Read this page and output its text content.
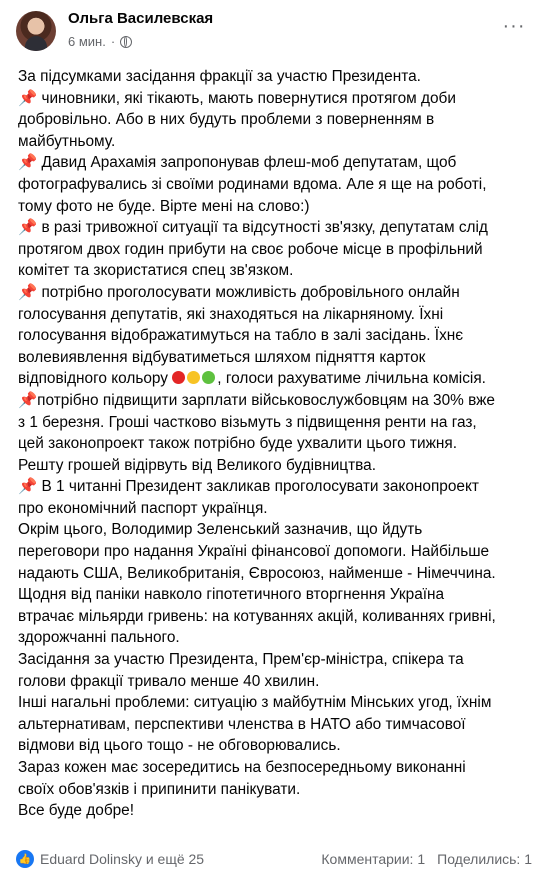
Ольга Василевская
6 мин. ·
···

За підсумками засідання фракції за участю Президента.

📌 чиновники, які тікають, мають повернутися протягом доби

добровільно. Або в них будуть проблеми з поверненням в

майбутньому.

📌 Давид Арахамія запропонував флеш-моб депутатам, щоб

фотографувались зі своїми родинами вдома. Але я ще на роботі,

тому фото не буде. Вірте мені на слово:)

📌 в разі тривожної ситуації та відсутності зв'язку, депутатам слід

протягом двох годин прибути на своє робоче місце в профільний

комітет та зкористатися спец зв'язком.

📌 потрібно проголосувати можливість добровільного онлайн

голосування депутатів, які знаходяться на лікарняному. Їхні

голосування відображатимуться на табло в залі засідань. Їхнє

волевиявлення відбуватиметься шляхом підняття карток

відповідного кольору	, голоси рахуватиме лічильна комісія.

📌потрібно підвищити зарплати військовослужбовцям на 30% вже

з 1 березня. Гроші частково візьмуть з підвищення ренти на газ,

цей законопроект також потрібно буде ухвалити цього тижня.

Решту грошей відірвуть від Великого будівництва.

📌 В 1 читанні Президент закликав проголосувати законопроект

про економічний паспорт українця.

Окрім цього, Володимир Зеленський зазначив, що йдуть

переговори про надання Україні фінансової допомоги. Найбільше

надають США, Великобританія, Євросоюз, найменше - Німеччина.

Щодня від паніки навколо гіпотетичного вторгнення Україна

втрачає мільярди гривень: на котуваннях акцій, коливаннях гривні,

здорожчанні пального.

Засідання за участю Президента, Прем'єр-міністра, спікера та

голови фракції тривало менше 40 хвилин.

Інші нагальні проблеми: ситуацію з майбутнім Мінських угод, їхнім

альтернативам, перспективи членства в НАТО або тимчасової

відмови від цього тощо - не обговорювались.

Зараз кожен має зосередитись на безпосередньому виконанні

своїх обов'язків і припинити панікувати.

Все буде добре!

👍 Eduard Dolinsky и ещё 25	Комментарии: 1 Поделились: 1
